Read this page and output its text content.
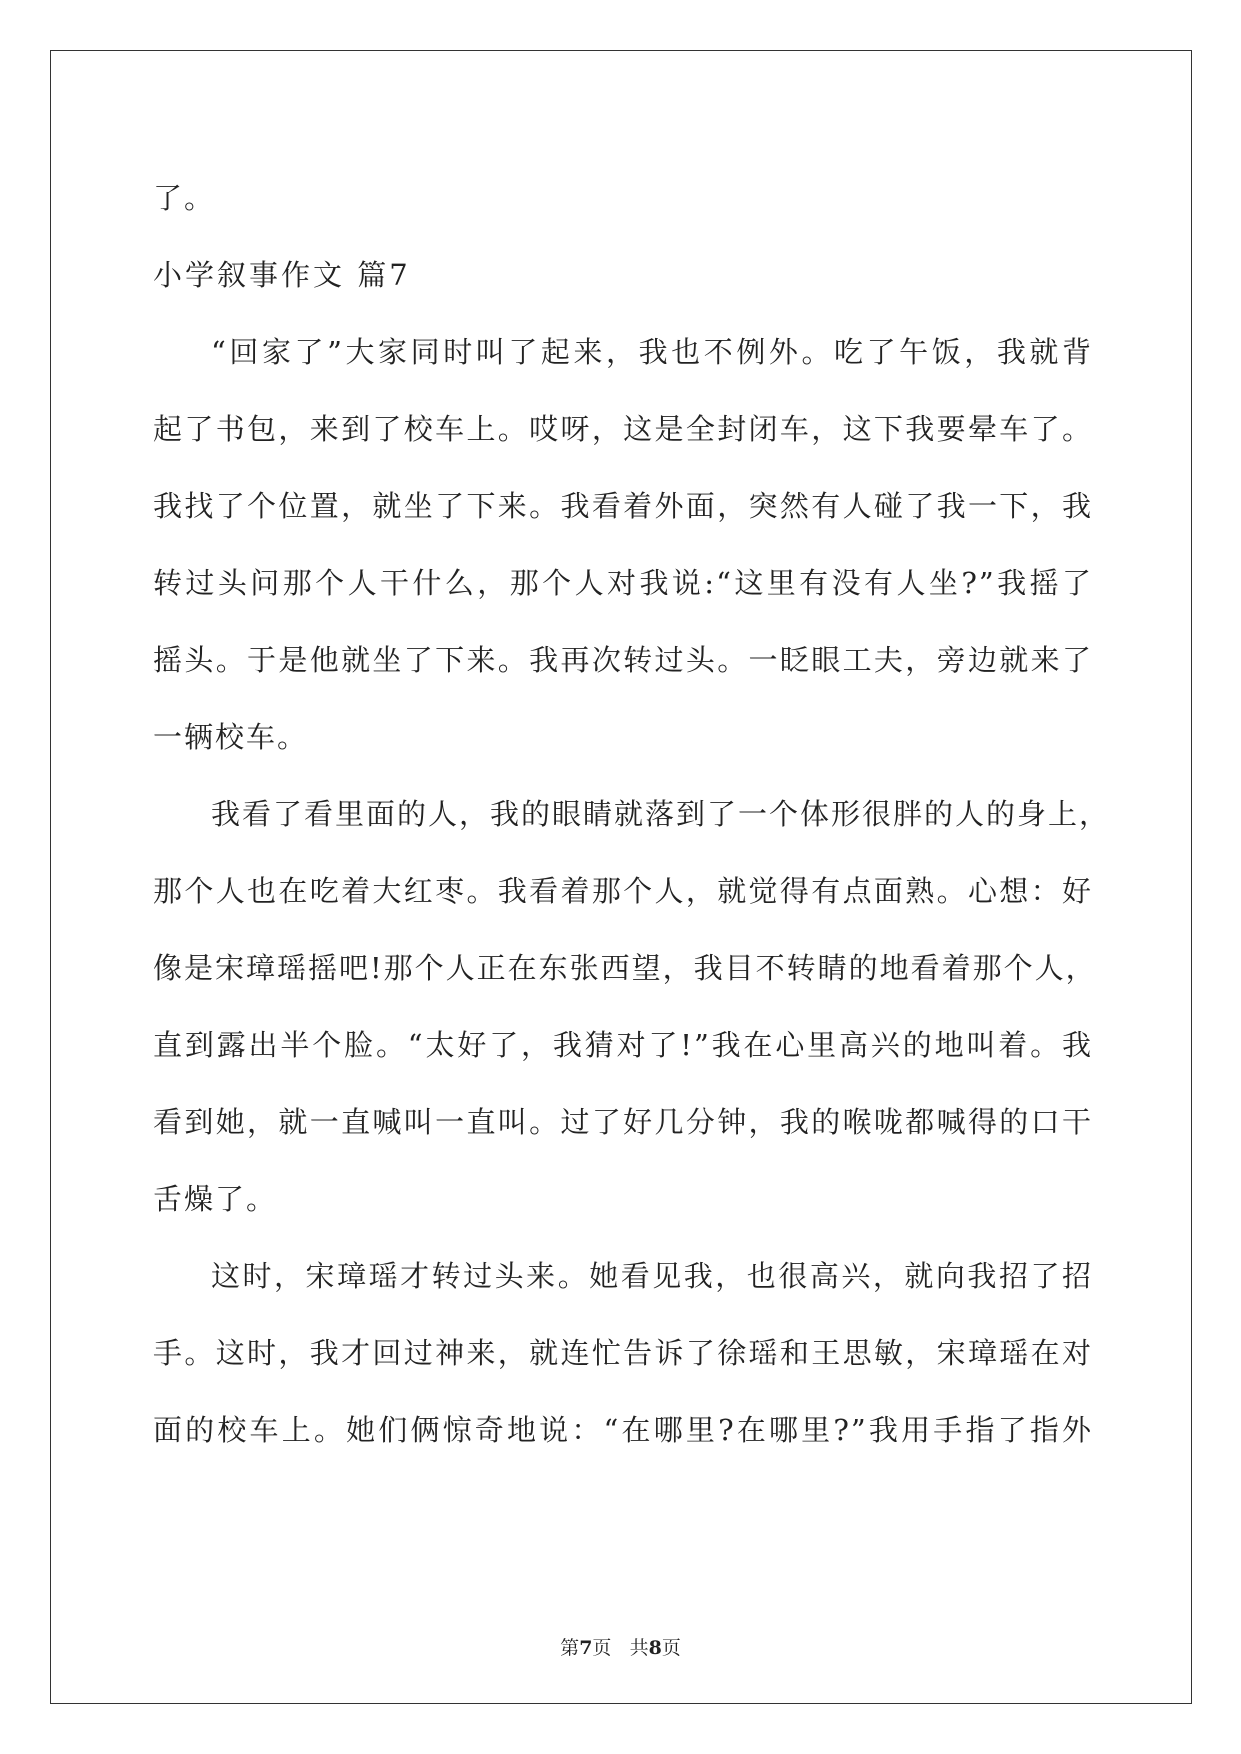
了。
小学叙事作文 篇7
“回家了”大家同时叫了起来，我也不例外。吃了午饭，我就背
起了书包，来到了校车上。哎呀，这是全封闭车，这下我要晕车了。
我找了个位置，就坐了下来。我看着外面，突然有人碰了我一下，我
转过头问那个人干什么，那个人对我说:“这里有没有人坐?”我摇了
摇头。于是他就坐了下来。我再次转过头。一眨眼工夫，旁边就来了
一辆校车。
我看了看里面的人，我的眼睛就落到了一个体形很胖的人的身上，
那个人也在吃着大红枣。我看着那个人，就觉得有点面熟。心想：好
像是宋璋瑶摇吧!那个人正在东张西望，我目不转睛的地看着那个人，
直到露出半个脸。“太好了，我猜对了!”我在心里高兴的地叫着。我
看到她，就一直喊叫一直叫。过了好几分钟，我的喉咙都喊得的口干
舌燥了。
这时，宋璋瑶才转过头来。她看见我，也很高兴，就向我招了招
手。这时，我才回过神来，就连忙告诉了徐瑶和王思敏，宋璋瑶在对
面的校车上。她们俩惊奇地说：“在哪里?在哪里?”我用手指了指外
第7页 共8页
